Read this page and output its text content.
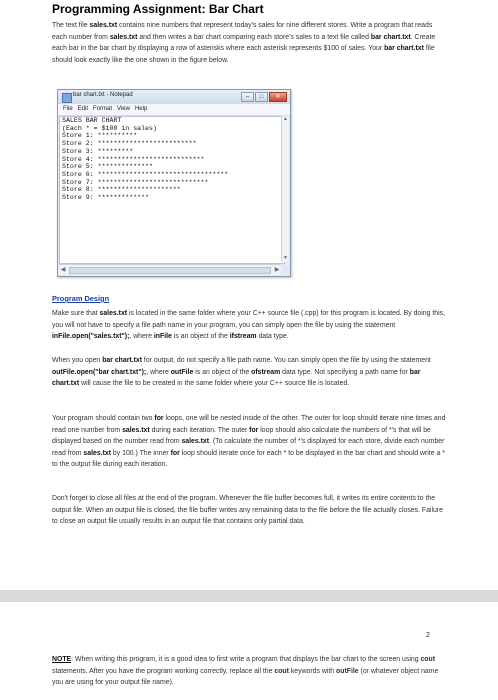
Programming Assignment: Bar Chart
The text file sales.txt contains nine numbers that represent today's sales for nine different stores. Write a program that reads each number from sales.txt and then writes a bar chart comparing each store's sales to a text file called bar chart.txt. Create each bar in the bar chart by displaying a row of asterisks where each asterisk represents $100 of sales. Your bar chart.txt file should look exactly like the one shown in the figure below.
bar chart.txt - Notepad	–	□	✕
File Edit Format View Help
SALES BAR CHART
(Each * = $100 in sales)
Store 1: **********
Store 2: *************************
Store 3: *********
Store 4: ***************************
Store 5: **************
Store 6: *********************************
Store 7: ****************************
Store 8: *********************
Store 9: *************
▲
▼
◀	▶
Program Design
Make sure that sales.txt is located in the same folder where your C++ source file (.cpp) for this program is located. By doing this, you will not have to specify a file path name in your program, you can simply open the file by using the statement inFile.open("sales.txt");, where inFile is an object of the ifstream data type.
When you open bar chart.txt for output, do not specify a file path name. You can simply open the file by using the statement outFile.open("bar chart.txt");, where outFile is an object of the ofstream data type. Not specifying a path name for bar chart.txt will cause the file to be created in the same folder where your C++ source file is located.
Your program should contain two for loops, one will be nested inside of the other. The outer for loop should iterate nine times and read one number from sales.txt during each iteration. The outer for loop should also calculate the numbers of *'s that will be displayed based on the number read from sales.txt. (To calculate the number of *'s displayed for each store, divide each number read from sales.txt by 100.) The inner for loop should iterate once for each * to be displayed in the bar chart and should write a * to the output file during each iteration.
Don't forget to close all files at the end of the program. Whenever the file buffer becomes full, it writes its entire contents to the output file. When an output file is closed, the file buffer writes any remaining data to the file before the file actually closes. Failure to close an output file usually results in an output file that contains only partial data.
2
NOTE: When writing this program, it is a good idea to first write a program that displays the bar chart to the screen using cout statements. After you have the program working correctly, replace all the cout keywords with outFile (or whatever object name you are using for your output file name).
